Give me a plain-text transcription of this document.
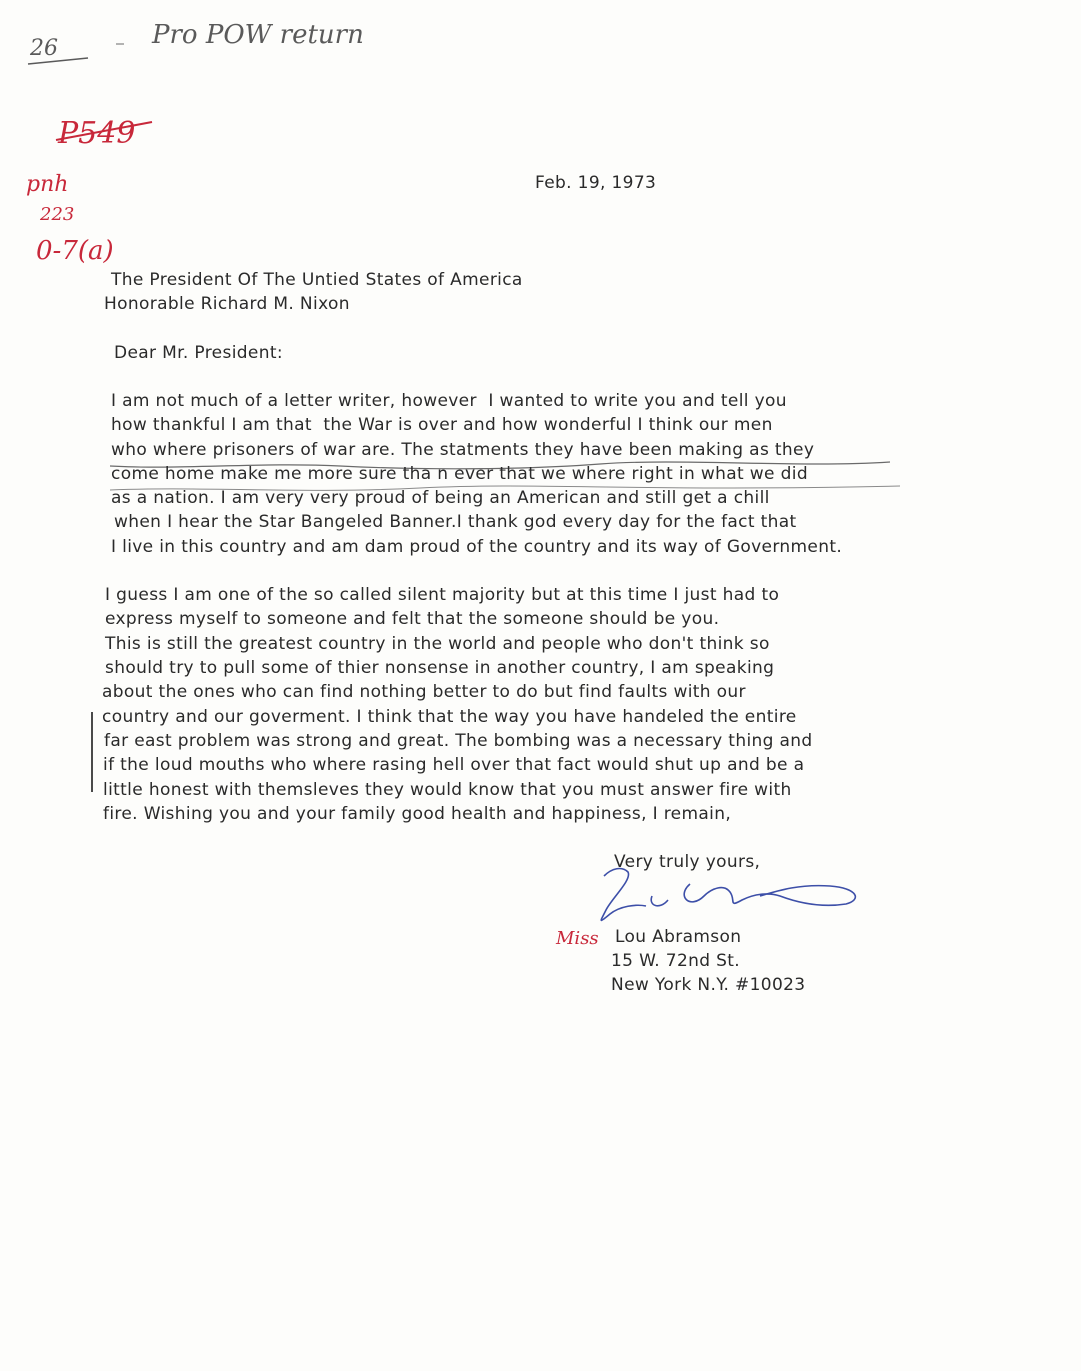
26	Pro POW return
P549
pnh
223
0-7(a)
Feb. 19, 1973
The President Of The Untied States of America
Honorable Richard M. Nixon
Dear Mr. President:
I am not much of a letter writer, however  I wanted to write you and tell you
how thankful I am that  the War is over and how wonderful I think our men
who where prisoners of war are. The statments they have been making as they
come home make me more sure tha n ever that we where right in what we did
as a nation. I am very very proud of being an American and still get a chill
when I hear the Star Bangeled Banner.I thank god every day for the fact that
I live in this country and am dam proud of the country and its way of Government.
I guess I am one of the so called silent majority but at this time I just had to
express myself to someone and felt that the someone should be you.
This is still the greatest country in the world and people who don't think so
should try to pull some of thier nonsense in another country, I am speaking
about the ones who can find nothing better to do but find faults with our
country and our goverment. I think that the way you have handeled the entire
far east problem was strong and great. The bombing was a necessary thing and
if the loud mouths who where rasing hell over that fact would shut up and be a
little honest with themsleves they would know that you must answer fire with
fire. Wishing you and your family good health and happiness, I remain,
Very truly yours,
Miss Lou Abramson
15 W. 72nd St.
New York N.Y. #10023
